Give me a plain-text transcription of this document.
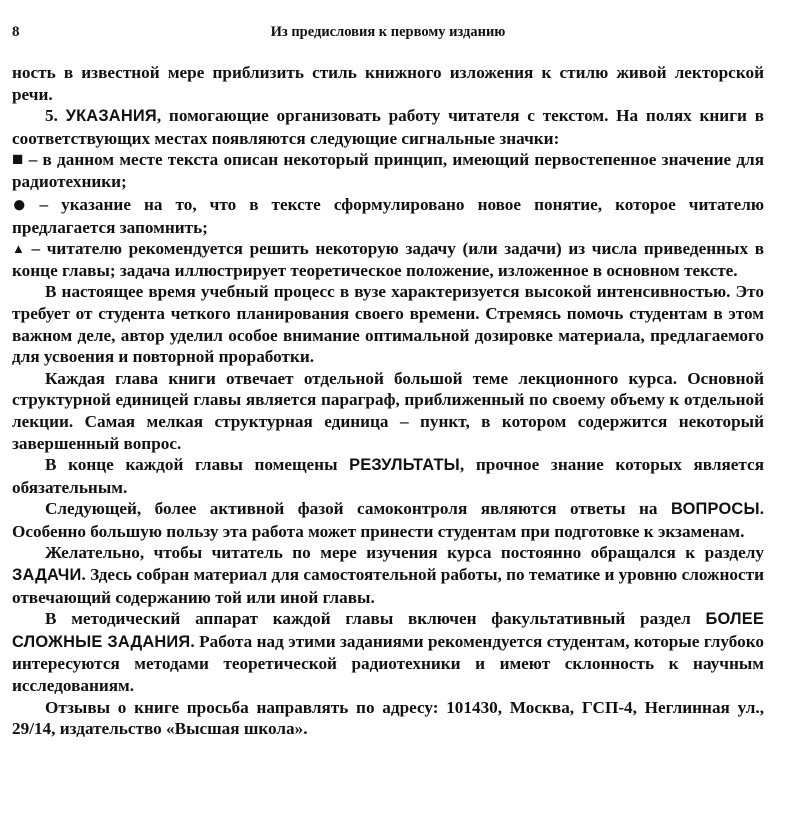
8	Из предисловия к первому изданию

ность в известной мере приблизить стиль книжного изложения к стилю живой лекторской речи.

5. УКАЗАНИЯ, помогающие организовать работу читателя с текстом. На полях книги в соответствующих местах появляются следующие сигнальные значки:

■ – в данном месте текста описан некоторый принцип, имеющий первостепенное значение для радиотехники;

● – указание на то, что в тексте сформулировано новое понятие, которое читателю предлагается запомнить;

▲ – читателю рекомендуется решить некоторую задачу (или задачи) из числа приведенных в конце главы; задача иллюстрирует теоретическое положение, изложенное в основном тексте.

В настоящее время учебный процесс в вузе характеризуется высокой интенсивностью. Это требует от студента четкого планирования своего времени. Стремясь помочь студентам в этом важном деле, автор уделил особое внимание оптимальной дозировке материала, предлагаемого для усвоения и повторной проработки.

Каждая глава книги отвечает отдельной большой теме лекционного курса. Основной структурной единицей главы является параграф, приближенный по своему объему к отдельной лекции. Самая мелкая структурная единица – пункт, в котором содержится некоторый завершенный вопрос.

В конце каждой главы помещены РЕЗУЛЬТАТЫ, прочное знание которых является обязательным.

Следующей, более активной фазой самоконтроля являются ответы на ВОПРОСЫ. Особенно большую пользу эта работа может принести студентам при подготовке к экзаменам.

Желательно, чтобы читатель по мере изучения курса постоянно обращался к разделу ЗАДАЧИ. Здесь собран материал для самостоятельной работы, по тематике и уровню сложности отвечающий содержанию той или иной главы.

В методический аппарат каждой главы включен факультативный раздел БОЛЕЕ СЛОЖНЫЕ ЗАДАНИЯ. Работа над этими заданиями рекомендуется студентам, которые глубоко интересуются методами теоретической радиотехники и имеют склонность к научным исследованиям.

Отзывы о книге просьба направлять по адресу: 101430, Москва, ГСП-4, Неглинная ул., 29/14, издательство «Высшая школа».
